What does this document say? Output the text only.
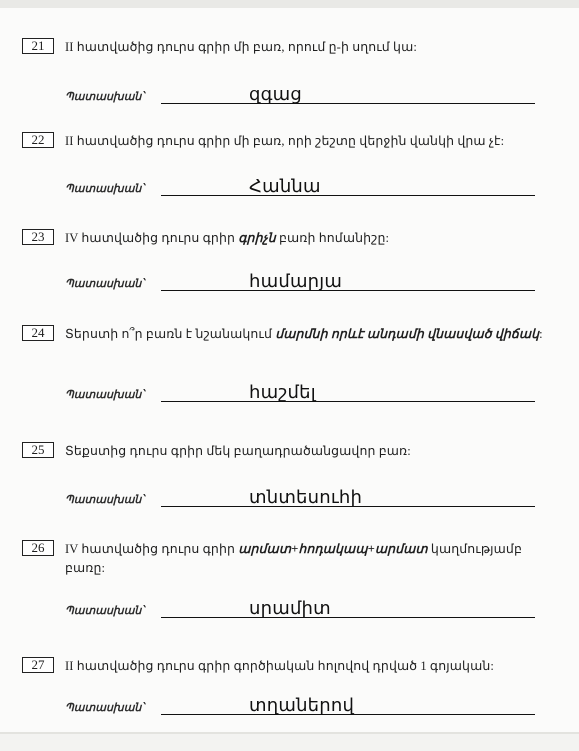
21	II հատվածից դուրս գրիր մի բառ, որում ը-ի սղում կա:
Պատասխան՝	զգաց
22	II հատվածից դուրս գրիր մի բառ, որի շեշտը վերջին վանկի վրա չէ:
Պատասխան՝	Հաննա
23	IV հատվածից դուրս գրիր գրիչն բառի հոմանիշը:
Պատասխան՝	համարյա
24	Տերստի ո՞ր բառն է նշանակում մարմնի որևէ անդամի վնասված վիճակ:
Պատասխան՝	հաշմել
25	Տեքստից դուրս գրիր մեկ բաղադրածանցավոր բառ:
Պատասխան՝	տնտեսուհի
26	IV հատվածից դուրս գրիր արմատ+հոդակապ+արմատ կաղմությամբ բառը:
Պատասխան՝	սրամիտ
27	II հատվածից դուրս գրիր գործիական հոլովով դրված 1 գոյական:
Պատասխան՝	տղաներով
